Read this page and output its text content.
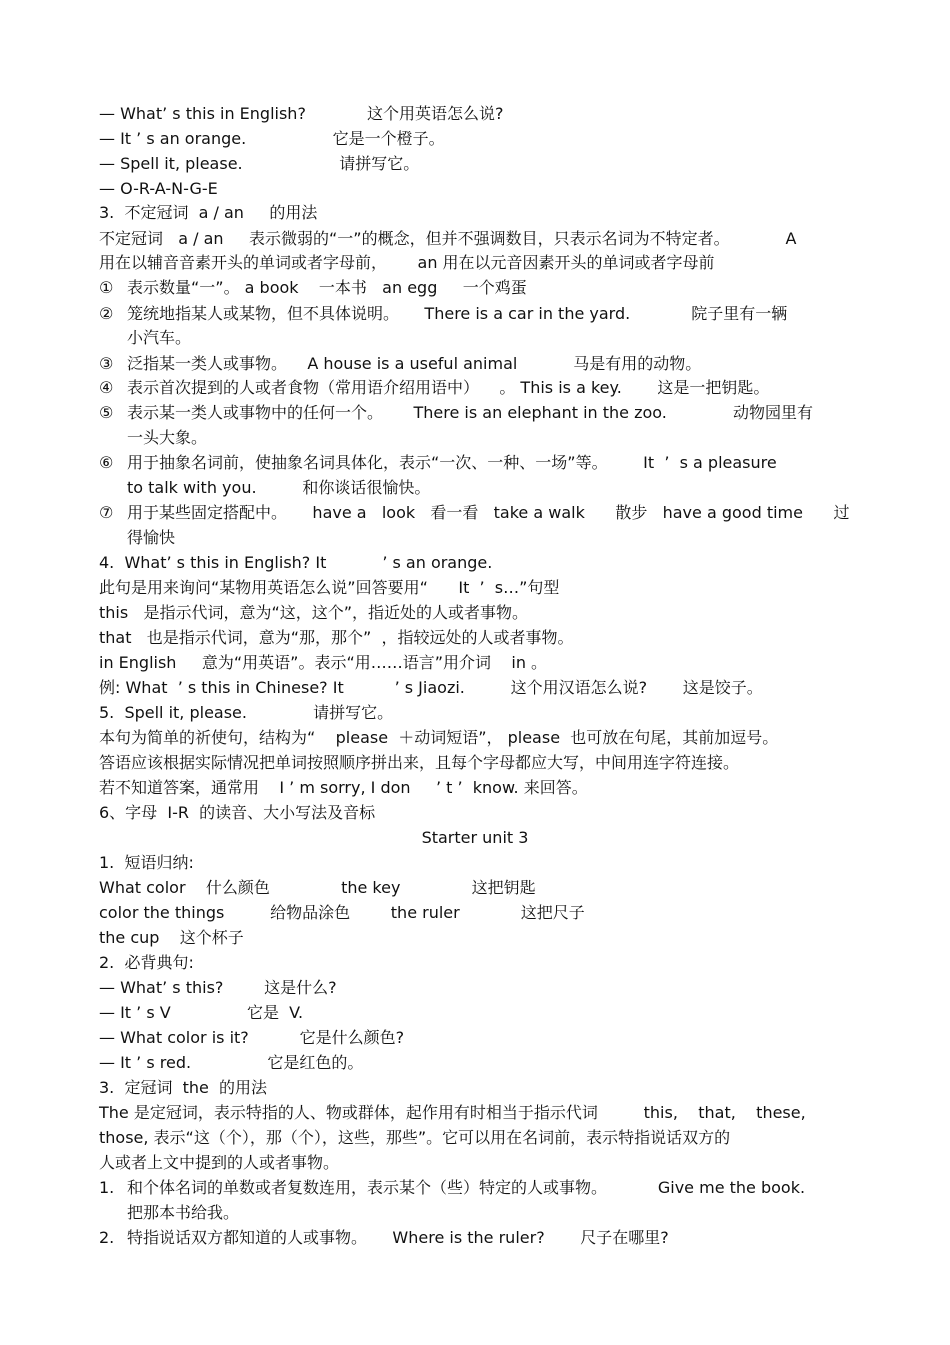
— What’ s this in English?            这个用英语怎么说?
— It ’ s an orange.                 它是一个橙子。
— Spell it, please.                   请拼写它。
— O-R-A-N-G-E
3.  不定冠词  a / an     的用法
不定冠词   a / an     表示微弱的“一”的概念，但并不强调数目，只表示名词为不特定者。           A
用在以辅音音素开头的单词或者字母前，      an 用在以元音因素开头的单词或者字母前
① 表示数量“一”。 a book    一本书   an egg     一个鸡蛋
② 笼统地指某人或某物，但不具体说明。     There is a car in the yard.            院子里有一辆
小汽车。
③ 泛指某一类人或事物。    A house is a useful animal           马是有用的动物。
④ 表示首次提到的人或者食物（常用语介绍用语中）    。 This is a key.       这是一把钥匙。
⑤ 表示某一类人或事物中的任何一个。      There is an elephant in the zoo.             动物园里有
一头大象。
⑥ 用于抽象名词前，使抽象名词具体化，表示“一次、一种、一场”等。       It  ’  s a pleasure
to talk with you.         和你谈话很愉快。
⑦ 用于某些固定搭配中。     have a   look   看一看   take a walk      散步   have a good time      过
得愉快
4.  What’ s this in English? It           ’ s an orange.
此句是用来询问“某物用英语怎么说”回答要用“      It  ’  s…”句型
this   是指示代词，意为“这，这个”，指近处的人或者事物。
that   也是指示代词，意为“那，那个”  ，指较远处的人或者事物。
in English     意为“用英语”。表示“用……语言”用介词    in 。
例: What  ’ s this in Chinese? It          ’ s Jiaozi.         这个用汉语怎么说?       这是饺子。
5.  Spell it, please.             请拼写它。
本句为简单的祈使句，结构为“    please  ＋动词短语”， please  也可放在句尾，其前加逗号。
答语应该根据实际情况把单词按照顺序拼出来，且每个字母都应大写，中间用连字符连接。
若不知道答案，通常用    I ’ m sorry, I don     ’ t ’  know. 来回答。
6、字母  I-R  的读音、大小写法及音标
Starter unit 3
1.  短语归纳:
What color    什么颜色              the key              这把钥匙
color the things         给物品涂色        the ruler            这把尺子
the cup    这个杯子
2.  必背典句:
— What’ s this?        这是什么?
— It ’ s V               它是  V.
— What color is it?          它是什么颜色?
— It ’ s red.               它是红色的。
3.  定冠词  the  的用法
The 是定冠词，表示特指的人、物或群体，起作用有时相当于指示代词         this,    that,    these,
those, 表示“这（个），那（个），这些，那些”。它可以用在名词前，表示特指说话双方的
人或者上文中提到的人或者事物。
1. 和个体名词的单数或者复数连用，表示某个（些）特定的人或事物。          Give me the book.
把那本书给我。
2. 特指说话双方都知道的人或事物。     Where is the ruler?       尺子在哪里?
